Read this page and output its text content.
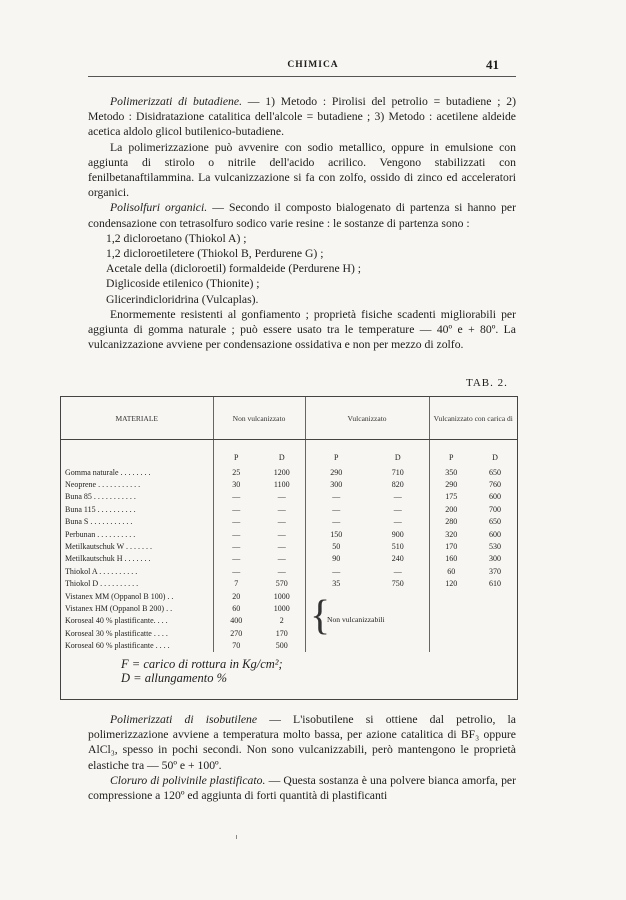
CHIMICA	41

Polimerizzati di butadiene. — 1) Metodo : Pirolisi del petrolio = butadiene ; 2) Metodo : Disidratazione catalitica dell'alcole = butadiene ; 3) Metodo : acetilene aldeide acetica aldolo glicol butilenico-butadiene.

La polimerizzazione può avvenire con sodio metallico, oppure in emulsione con aggiunta di stirolo o nitrile dell'acido acrilico. Vengono stabilizzati con fenilbetanaftilammina. La vulcanizzazione si fa con zolfo, ossido di zinco ed acceleratori organici.

Polisolfuri organici. — Secondo il composto bialogenato di partenza si hanno per condensazione con tetrasolfuro sodico varie resine : le sostanze di partenza sono :

1,2 dicloroetano (Thiokol A) ;
1,2 dicloroetiletere (Thiokol B, Perdurene G) ;
Acetale della (dicloroetil) formaldeide (Perdurene H) ;
Diglicoside etilenico (Thionite) ;
Glicerindicloridrina (Vulcaplas).

Enormemente resistenti al gonfiamento ; proprietà fisiche scadenti migliorabili per aggiunta di gomma naturale ; può essere usato tra le temperature — 40º e + 80º. La vulcanizzazione avviene per condensazione ossidativa e non per mezzo di zolfo.

TAB. 2.
MATERIALE	Non vulcanizzato		Vulcanizzato		Vulcanizzato con carica di	
	P	D	P	D	P	D
Gomma naturale . . . . . . . .	25	1200	290	710	350	650
Neoprene . . . . . . . . . . .	30	1100	300	820	290	760
Buna 85 . . . . . . . . . . .	—	—	—	—	175	600
Buna 115 . . . . . . . . . .	—	—	—	—	200	700
Buna S . . . . . . . . . . .	—	—	—	—	280	650
Perbunan . . . . . . . . . .	—	—	150	900	320	600
Metilkautschuk W . . . . . . .	—	—	50	510	170	530
Metilkautschuk H . . . . . . .	—	—	90	240	160	300
Thiokol A . . . . . . . . . .	—	—	—	—	60	370
Thiokol D . . . . . . . . . .	7	570	35	750	120	610
Vistanex MM (Oppanol B 100) . .	20	1000				
Vistanex HM (Oppanol B 200) . .	60	1000				
Koroseal 40 % plastificante. . . .	400	2				
Koroseal 30 % plastificatte . . . .	270	170				
Koroseal 60 % plastificante . . . .	70	500				
{
Non vulcanizzabili
F = carico di rottura in Kg/cm²;
D = allungamento %

Polimerizzati di isobutilene — L'isobutilene si ottiene dal petrolio, la polimerizzazione avviene a temperatura molto bassa, per azione catalitica di BF₃ oppure AlCl₃, spesso in pochi secondi. Non sono vulcanizzabili, però mantengono le proprietà elastiche tra — 50º e + 100º.

Cloruro di polivinile plastificato. — Questa sostanza è una polvere bianca amorfa, per compressione a 120º ed aggiunta di forti quantità di plastificanti
